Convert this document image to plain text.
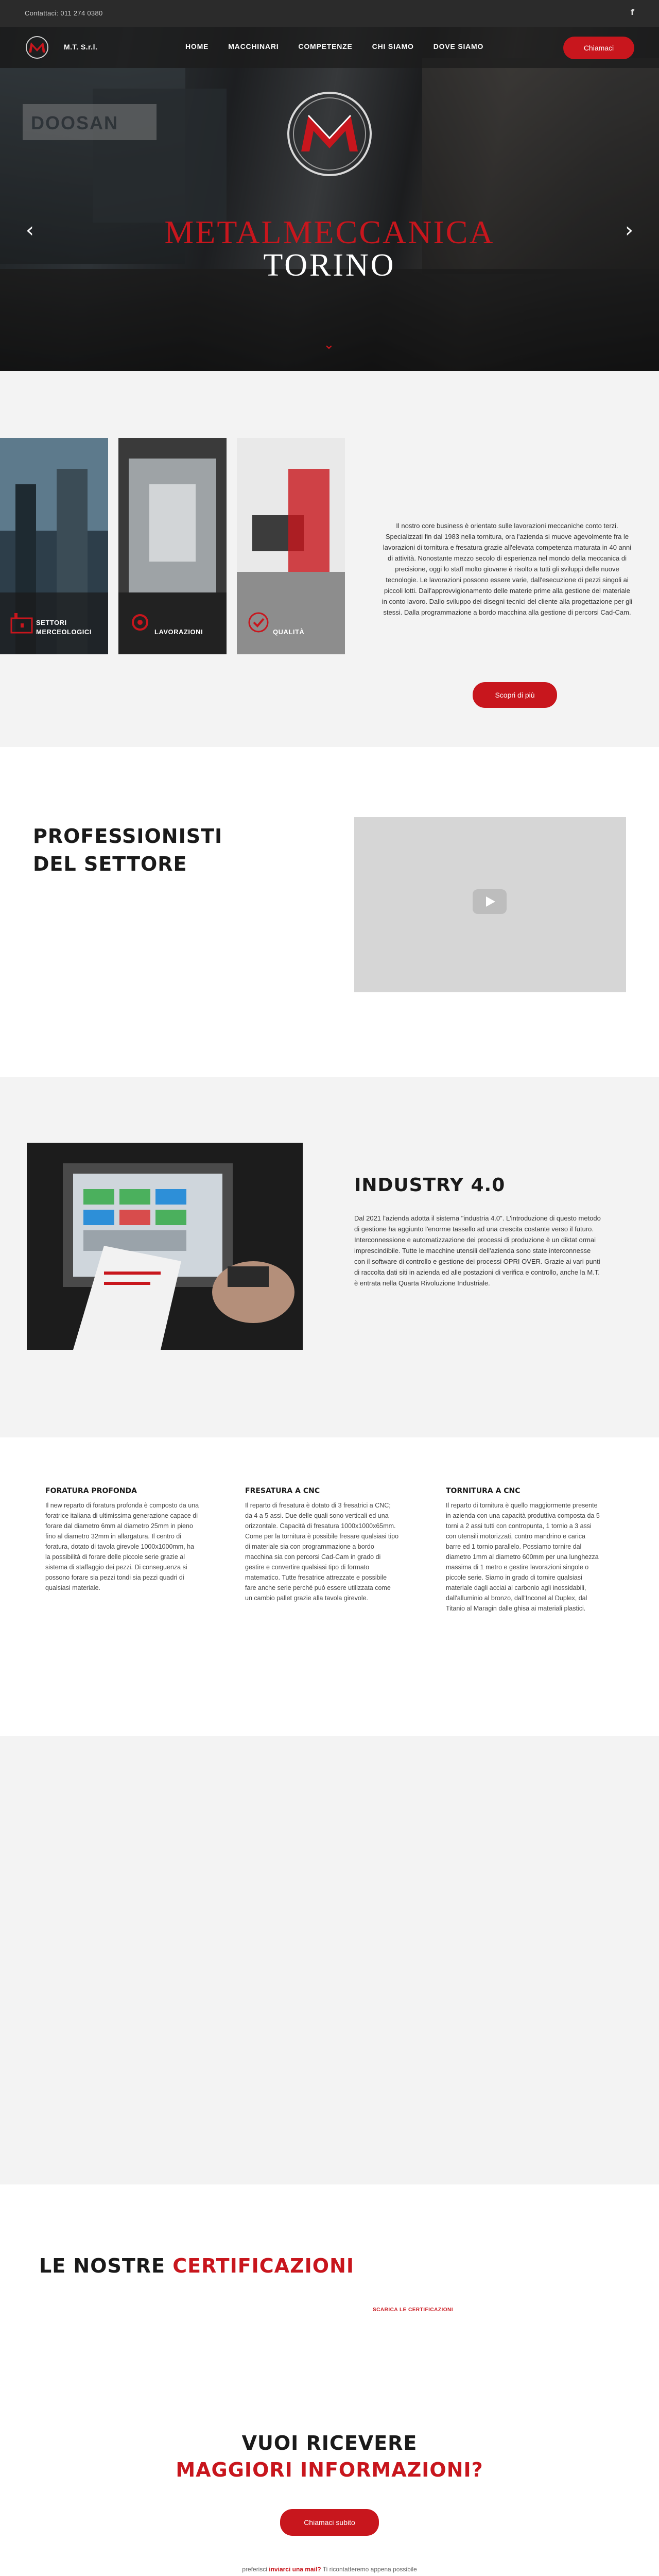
Contattaci: 011 274 0380	f
DOOSAN
METALMECCANICA
TORINO
‹	›
⌄
M.T. S.r.l.	HOME	MACCHINARI	COMPETENZE	CHI SIAMO	DOVE SIAMO	Chiamaci
SETTORI
MERCEOLOGICI	LAVORAZIONI	QUALITÀ
Il nostro core business è orientato sulle lavorazioni meccaniche conto terzi. Specializzati fin dal 1983 nella tornitura, ora l'azienda si muove agevolmente fra le lavorazioni di tornitura e fresatura grazie all'elevata competenza maturata in 40 anni di attività. Nonostante mezzo secolo di esperienza nel mondo della meccanica di precisione, oggi lo staff molto giovane è risolto a tutti gli sviluppi delle nuove tecnologie. Le lavorazioni possono essere varie, dall'esecuzione di pezzi singoli ai piccoli lotti. Dall'approvvigionamento delle materie prime alla gestione del materiale in conto lavoro. Dallo sviluppo dei disegni tecnici del cliente alla progettazione per gli stessi. Dalla programmazione a bordo macchina alla gestione di percorsi Cad-Cam.
Scopri di più
PROFESSIONISTI
DEL SETTORE
INDUSTRY 4.0
Dal 2021 l'azienda adotta il sistema "industria 4.0". L'introduzione di questo metodo di gestione ha aggiunto l'enorme tassello ad una crescita costante verso il futuro. Interconnessione e automatizzazione dei processi di produzione è un diktat ormai imprescindibile. Tutte le macchine utensili dell'azienda sono state interconnesse con il software di controllo e gestione dei processi OPRI OVER. Grazie ai vari punti di raccolta dati siti in azienda ed alle postazioni di verifica e controllo, anche la M.T. è entrata nella Quarta Rivoluzione Industriale.
FORATURA PROFONDA
Il new reparto di foratura profonda è composto da una foratrice italiana di ultimissima generazione capace di forare dal diametro 6mm al diametro 25mm in pieno fino al diametro 32mm in allargatura. Il centro di foratura, dotato di tavola girevole 1000x1000mm, ha la possibilità di forare delle piccole serie grazie al sistema di staffaggio dei pezzi. Di conseguenza si possono forare sia pezzi tondi sia pezzi quadri di qualsiasi materiale.
FRESATURA A CNC
Il reparto di fresatura è dotato di 3 fresatrici a CNC; da 4 a 5 assi. Due delle quali sono verticali ed una orizzontale. Capacità di fresatura 1000x1000x65mm. Come per la tornitura è possibile fresare qualsiasi tipo di materiale sia con programmazione a bordo macchina sia con percorsi Cad-Cam in grado di gestire e convertire qualsiasi tipo di formato matematico. Tutte fresatrice attrezzate e possibile fare anche serie perché può essere utilizzata come un cambio pallet grazie alla tavola girevole.
TORNITURA A CNC
Il reparto di tornitura è quello maggiormente presente in azienda con una capacità produttiva composta da 5 torni a 2 assi tutti con contropunta, 1 tornio a 3 assi con utensili motorizzati, contro mandrino e carica barre ed 1 tornio parallelo. Possiamo tornire dal diametro 1mm al diametro 600mm per una lunghezza massima di 1 metro e gestire lavorazioni singole o piccole serie. Siamo in grado di tornire qualsiasi materiale dagli acciai al carbonio agli inossidabili, dall'alluminio al bronzo, dall'Inconel al Duplex, dal Titanio al Maragin dalle ghisa ai materiali plastici.
LE NOSTRE CERTIFICAZIONI
SCARICA LE CERTIFICAZIONI
VUOI RICEVERE
MAGGIORI INFORMAZIONI?
Chiamaci subito
preferisci inviarci una mail? Ti ricontatteremo appena possibile
